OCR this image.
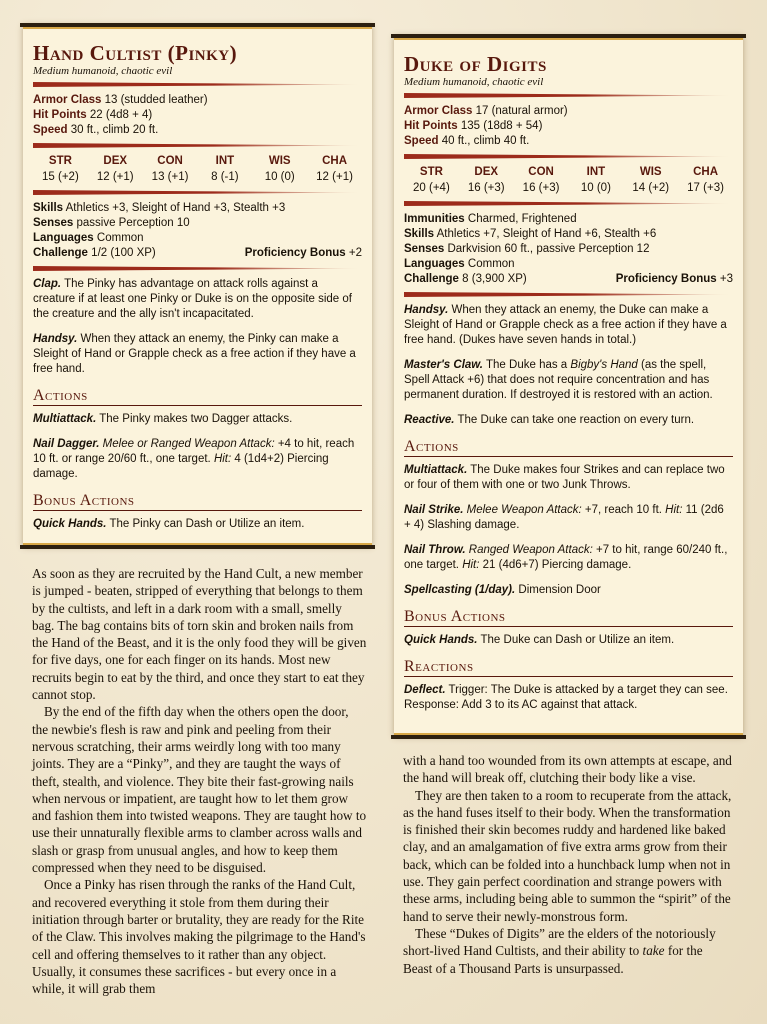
Hand Cultist (Pinky)
Medium humanoid, chaotic evil
Armor Class 13 (studded leather)
Hit Points 22 (4d8 + 4)
Speed 30 ft., climb 20 ft.
STR
15 (+2)
DEX
12 (+1)
CON
13 (+1)
INT
8 (-1)
WIS
10 (0)
CHA
12 (+1)
Skills Athletics +3, Sleight of Hand +3, Stealth +3
Senses passive Perception 10
Languages Common
Challenge 1/2 (100 XP)	Proficiency Bonus +2
Clap. The Pinky has advantage on attack rolls against a creature if at least one Pinky or Duke is on the opposite side of the creature and the ally isn't incapacitated.
Handsy. When they attack an enemy, the Pinky can make a Sleight of Hand or Grapple check as a free action if they have a free hand.
Actions
Multiattack. The Pinky makes two Dagger attacks.
Nail Dagger. Melee or Ranged Weapon Attack: +4 to hit, reach 10 ft. or range 20/60 ft., one target. Hit: 4 (1d4+2) Piercing damage.
Bonus Actions
Quick Hands. The Pinky can Dash or Utilize an item.
Duke of Digits
Medium humanoid, chaotic evil
Armor Class 17 (natural armor)
Hit Points 135 (18d8 + 54)
Speed 40 ft., climb 40 ft.
STR
20 (+4)
DEX
16 (+3)
CON
16 (+3)
INT
10 (0)
WIS
14 (+2)
CHA
17 (+3)
Immunities Charmed, Frightened
Skills Athletics +7, Sleight of Hand +6, Stealth +6
Senses Darkvision 60 ft., passive Perception 12
Languages Common
Challenge 8 (3,900 XP)	Proficiency Bonus +3
Handsy. When they attack an enemy, the Duke can make a Sleight of Hand or Grapple check as a free action if they have a free hand. (Dukes have seven hands in total.)
Master's Claw. The Duke has a Bigby's Hand (as the spell, Spell Attack +6) that does not require concentration and has permanent duration. If destroyed it is restored with an action.
Reactive. The Duke can take one reaction on every turn.
Actions
Multiattack. The Duke makes four Strikes and can replace two or four of them with one or two Junk Throws.
Nail Strike. Melee Weapon Attack: +7, reach 10 ft. Hit: 11 (2d6 + 4) Slashing damage.
Nail Throw. Ranged Weapon Attack: +7 to hit, range 60/240 ft., one target. Hit: 21 (4d6+7) Piercing damage.
Spellcasting (1/day). Dimension Door
Bonus Actions
Quick Hands. The Duke can Dash or Utilize an item.
Reactions
Deflect. Trigger: The Duke is attacked by a target they can see. Response: Add 3 to its AC against that attack.

As soon as they are recruited by the Hand Cult, a new member is jumped - beaten, stripped of everything that belongs to them by the cultists, and left in a dark room with a small, smelly bag. The bag contains bits of torn skin and broken nails from the Hand of the Beast, and it is the only food they will be given for five days, one for each finger on its hands. Most new recruits begin to eat by the third, and once they start to eat they cannot stop.

By the end of the fifth day when the others open the door, the newbie's flesh is raw and pink and peeling from their nervous scratching, their arms weirdly long with too many joints. They are a “Pinky”, and they are taught the ways of theft, stealth, and violence. They bite their fast-growing nails when nervous or impatient, are taught how to let them grow and fashion them into twisted weapons. They are taught how to use their unnaturally flexible arms to clamber across walls and slash or grasp from unusual angles, and how to keep them compressed when they need to be disguised.

Once a Pinky has risen through the ranks of the Hand Cult, and recovered everything it stole from them during their initiation through barter or brutality, they are ready for the Rite of the Claw. This involves making the pilgrimage to the Hand's cell and offering themselves to it rather than any object. Usually, it consumes these sacrifices - but every once in a while, it will grab them

with a hand too wounded from its own attempts at escape, and the hand will break off, clutching their body like a vise.

They are then taken to a room to recuperate from the attack, as the hand fuses itself to their body. When the transformation is finished their skin becomes ruddy and hardened like baked clay, and an amalgamation of five extra arms grow from their back, which can be folded into a hunchback lump when not in use. They gain perfect coordination and strange powers with these arms, including being able to summon the “spirit” of the hand to serve their newly-monstrous form.

These “Dukes of Digits” are the elders of the notoriously short-lived Hand Cultists, and their ability to take for the Beast of a Thousand Parts is unsurpassed.
